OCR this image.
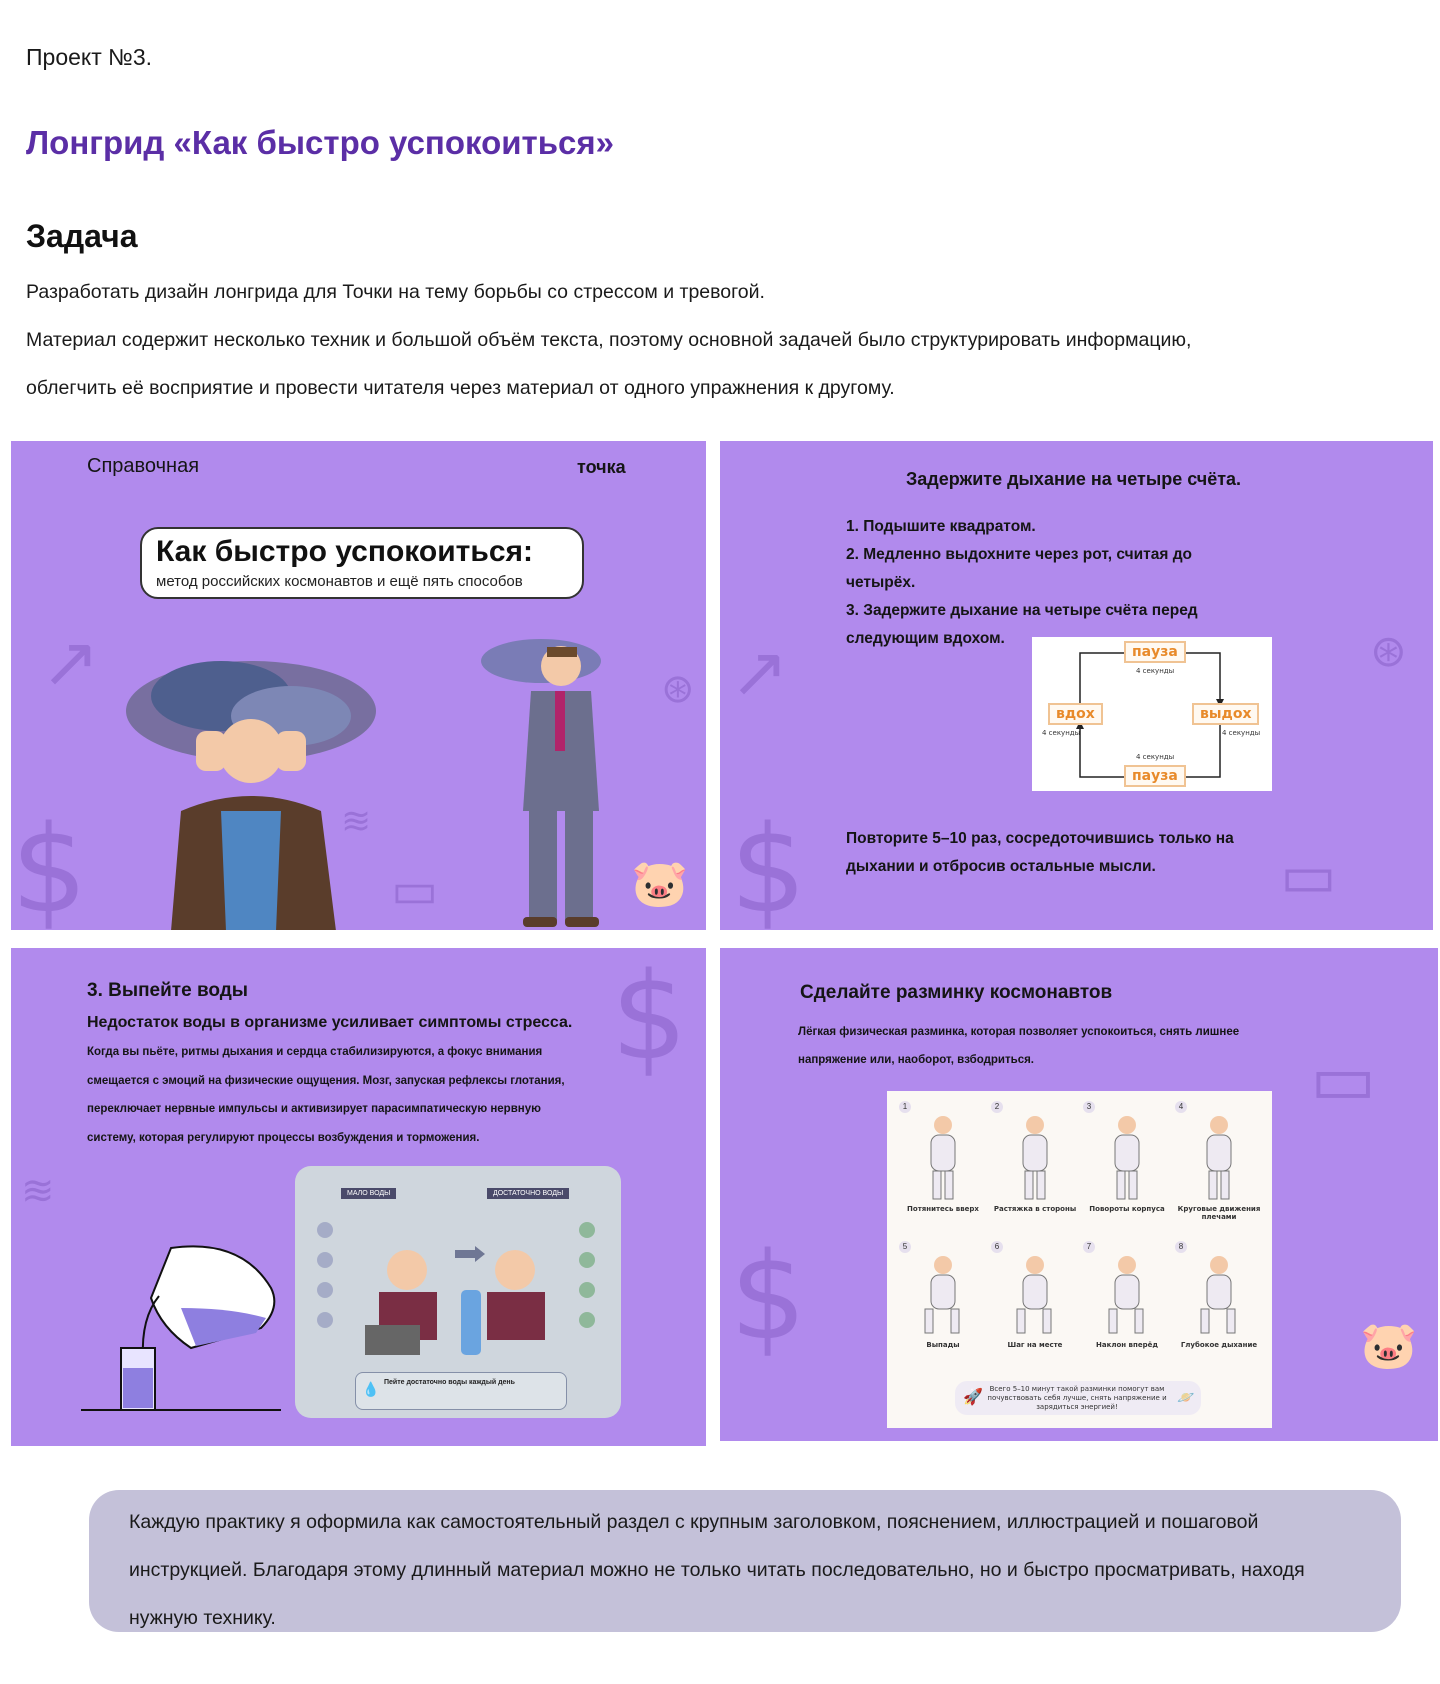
Проект №3.
Лонгрид «Как быстро успокоиться»
Задача
Разработать дизайн лонгрида для Точки на тему борьбы со стрессом и тревогой.
Материал содержит несколько техник и большой объём текста, поэтому основной задачей было структурировать информацию, облегчить её восприятие и провести читателя через материал от одного упражнения к другому.
↗
$
⊛
≋
▭	🐷
Справочная	точка
Как быстро успокоиться:
метод российских космонавтов и ещё пять способов
↗
$
⊛
▭
Задержите дыхание на четыре счёта.
1. Подышите квадратом.
2. Медленно выдохните через рот, считая до четырёх.
3. Задержите дыхание на четыре счёта перед следующим вдохом.
пауза
4 секунды
вдох
4 секунды
выдох
4 секунды
4 секунды
пауза
Повторите 5–10 раз, сосредоточившись только на дыхании и отбросив остальные мысли.
$
≋
3. Выпейте воды
Недостаток воды в организме усиливает симптомы стресса.
Когда вы пьёте, ритмы дыхания и сердца стабилизируются, а фокус внимания смещается с эмоций на физические ощущения. Мозг, запуская рефлексы глотания, переключает нервные импульсы и активизирует парасимпатическую нервную систему, которая регулируют процессы возбуждения и торможения.
МАЛО ВОДЫ	ДОСТАТОЧНО ВОДЫ
💧 Пейте достаточно воды каждый день
$
▭
🐷
Сделайте разминку космонавтов
Лёгкая физическая разминка, которая позволяет успокоиться, снять лишнее напряжение или, наоборот, взбодриться.
1
Потянитесь вверх
2
Растяжка в стороны
3
Повороты корпуса
4
Круговые движения плечами
5
Выпады
6
Шаг на месте
7
Наклон вперёд
8
Глубокое дыхание
🚀 Всего 5–10 минут такой разминки помогут вам почувствовать себя лучше, снять напряжение и зарядиться энергией!
🪐
Каждую практику я оформила как самостоятельный раздел с крупным заголовком, пояснением, иллюстрацией и пошаговой инструкцией. Благодаря этому длинный материал можно не только читать последовательно, но и быстро просматривать, находя нужную технику.
